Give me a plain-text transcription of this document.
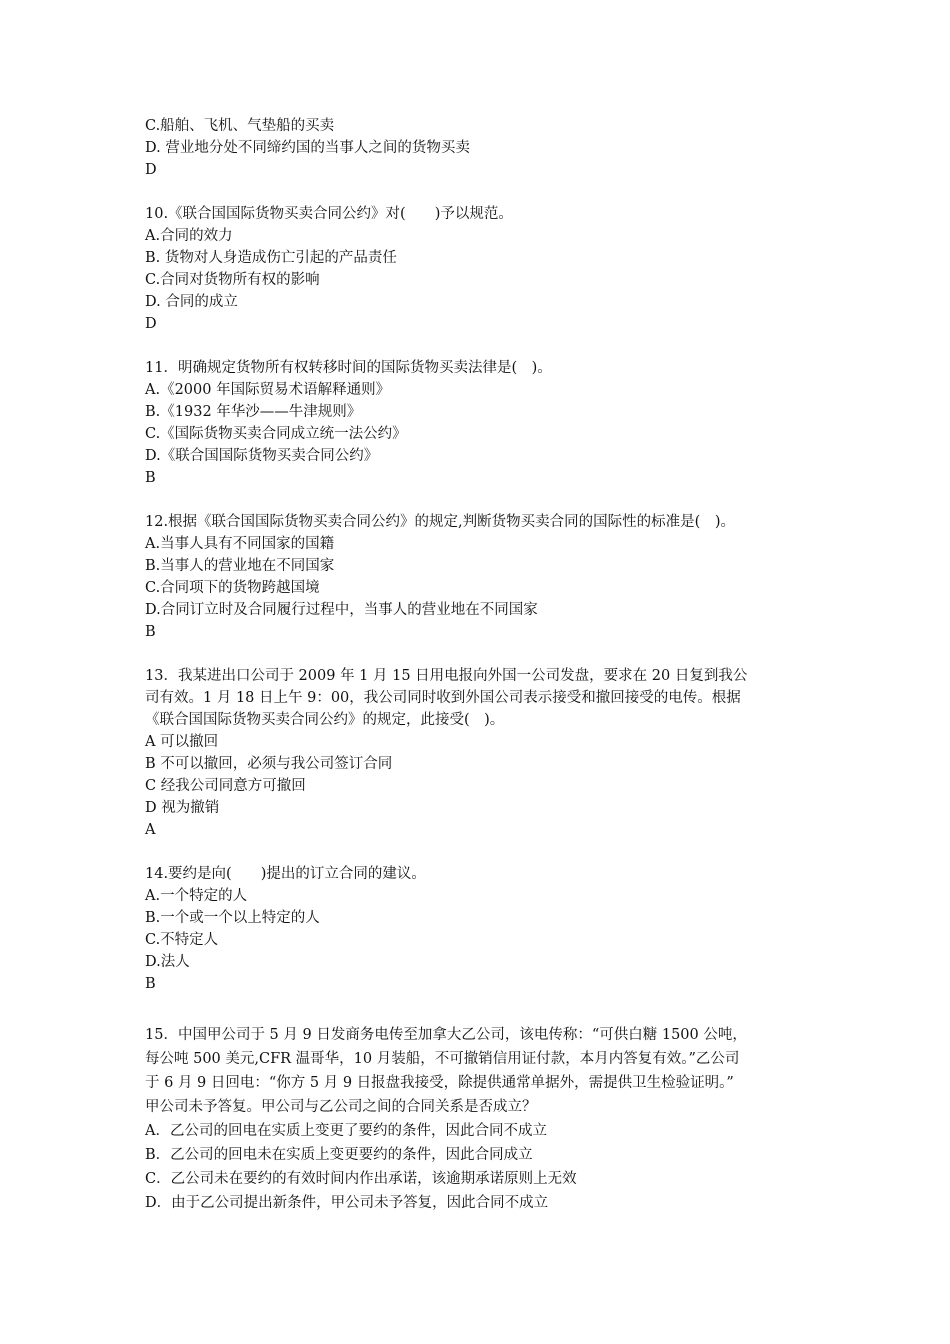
C.船舶、飞机、气垫船的买卖
D. 营业地分处不同缔约国的当事人之间的货物买卖
D
10.《联合国国际货物买卖合同公约》对(　　)予以规范。
A.合同的效力
B. 货物对人身造成伤亡引起的产品责任
C.合同对货物所有权的影响
D. 合同的成立
D
11．明确规定货物所有权转移时间的国际货物买卖法律是(　)。
A.《2000 年国际贸易术语解释通则》
B.《1932 年华沙——牛津规则》
C.《国际货物买卖合同成立统一法公约》
D.《联合国国际货物买卖合同公约》
B
12.根据《联合国国际货物买卖合同公约》的规定,判断货物买卖合同的国际性的标准是(　)。
A.当事人具有不同国家的国籍
B.当事人的营业地在不同国家
C.合同项下的货物跨越国境
D.合同订立时及合同履行过程中，当事人的营业地在不同国家
B
13．我某进出口公司于 2009 年 1 月 15 日用电报向外国一公司发盘，要求在 20 日复到我公
司有效。1 月 18 日上午 9：00，我公司同时收到外国公司表示接受和撤回接受的电传。根据
《联合国国际货物买卖合同公约》的规定，此接受(　)。
A 可以撤回
B 不可以撤回，必须与我公司签订合同
C 经我公司同意方可撤回
D 视为撤销
A
14.要约是向(　　)提出的订立合同的建议。
A.一个特定的人
B.一个或一个以上特定的人
C.不特定人
D.法人
B
15．中国甲公司于 5 月 9 日发商务电传至加拿大乙公司，该电传称：“可供白糖 1500 公吨，
每公吨 500 美元,CFR 温哥华，10 月装船，不可撤销信用证付款，本月内答复有效。”乙公司
于 6 月 9 日回电：“你方 5 月 9 日报盘我接受，除提供通常单据外，需提供卫生检验证明。”
甲公司未予答复。甲公司与乙公司之间的合同关系是否成立？
A．乙公司的回电在实质上变更了要约的条件，因此合同不成立
B．乙公司的回电未在实质上变更要约的条件，因此合同成立
C．乙公司未在要约的有效时间内作出承诺，该逾期承诺原则上无效
D．由于乙公司提出新条件，甲公司未予答复，因此合同不成立
